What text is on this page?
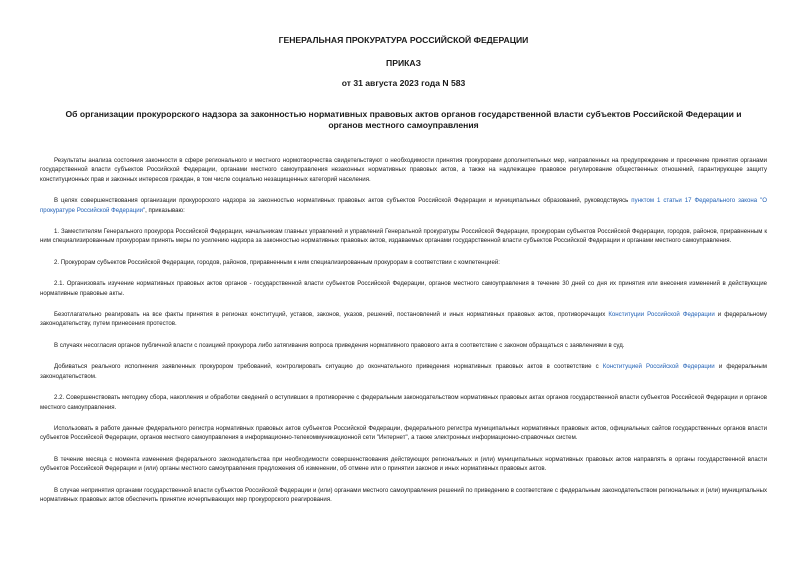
ГЕНЕРАЛЬНАЯ ПРОКУРАТУРА РОССИЙСКОЙ ФЕДЕРАЦИИ
ПРИКАЗ
от 31 августа 2023 года N 583
Об организации прокурорского надзора за законностью нормативных правовых актов органов государственной власти субъектов Российской Федерации и органов местного самоуправления

Результаты анализа состояния законности в сфере регионального и местного нормотворчества свидетельствуют о необходимости принятия прокурорами дополнительных мер, направленных на предупреждение и пресечение принятия органами государственной власти субъектов Российской Федерации, органами местного самоуправления незаконных нормативных правовых актов, а также на надлежащее правовое регулирование общественных отношений, гарантирующее защиту конституционных прав и законных интересов граждан, в том числе социально незащищенных категорий населения.

В целях совершенствования организации прокурорского надзора за законностью нормативных правовых актов субъектов Российской Федерации и муниципальных образований, руководствуясь пунктом 1 статьи 17 Федерального закона "О прокуратуре Российской Федерации", приказываю:

1. Заместителям Генерального прокурора Российской Федерации, начальникам главных управлений и управлений Генеральной прокуратуры Российской Федерации, прокурорам субъектов Российской Федерации, городов, районов, приравненным к ним специализированным прокурорам принять меры по усилению надзора за законностью нормативных правовых актов, издаваемых органами государственной власти субъектов Российской Федерации и органами местного самоуправления.

2. Прокурорам субъектов Российской Федерации, городов, районов, приравненным к ним специализированным прокурорам в соответствии с компетенцией:

2.1. Организовать изучение нормативных правовых актов органов - государственной власти субъектов Российской Федерации, органов местного самоуправления в течение 30 дней со дня их принятия или внесения изменений в действующие нормативные правовые акты.

Безотлагательно реагировать на все факты принятия в регионах конституций, уставов, законов, указов, решений, постановлений и иных нормативных правовых актов, противоречащих Конституции Российской Федерации и федеральному законодательству, путем принесения протестов.

В случаях несогласия органов публичной власти с позицией прокурора либо затягивания вопроса приведения нормативного правового акта в соответствие с законом обращаться с заявлениями в суд.

Добиваться реального исполнения заявленных прокурором требований, контролировать ситуацию до окончательного приведения нормативных правовых актов в соответствие с Конституцией Российской Федерации и федеральным законодательством.

2.2. Совершенствовать методику сбора, накопления и обработки сведений о вступивших в противоречие с федеральным законодательством нормативных правовых актах органов государственной власти субъектов Российской Федерации и органов местного самоуправления.

Использовать в работе данные федерального регистра нормативных правовых актов субъектов Российской Федерации, федерального регистра муниципальных нормативных правовых актов, официальных сайтов государственных органов власти субъектов Российской Федерации, органов местного самоуправления в информационно-телекоммуникационной сети "Интернет", а также электронных информационно-справочных систем.

В течение месяца с момента изменения федерального законодательства при необходимости совершенствования действующих региональных и (или) муниципальных нормативных правовых актов направлять в органы государственной власти субъектов Российской Федерации и (или) органы местного самоуправления предложения об изменении, об отмене или о принятии законов и иных нормативных правовых актов.

В случае непринятия органами государственной власти субъектов Российской Федерации и (или) органами местного самоуправления решений по приведению в соответствие с федеральным законодательством региональных и (или) муниципальных нормативных правовых актов обеспечить принятие исчерпывающих мер прокурорского реагирования.
